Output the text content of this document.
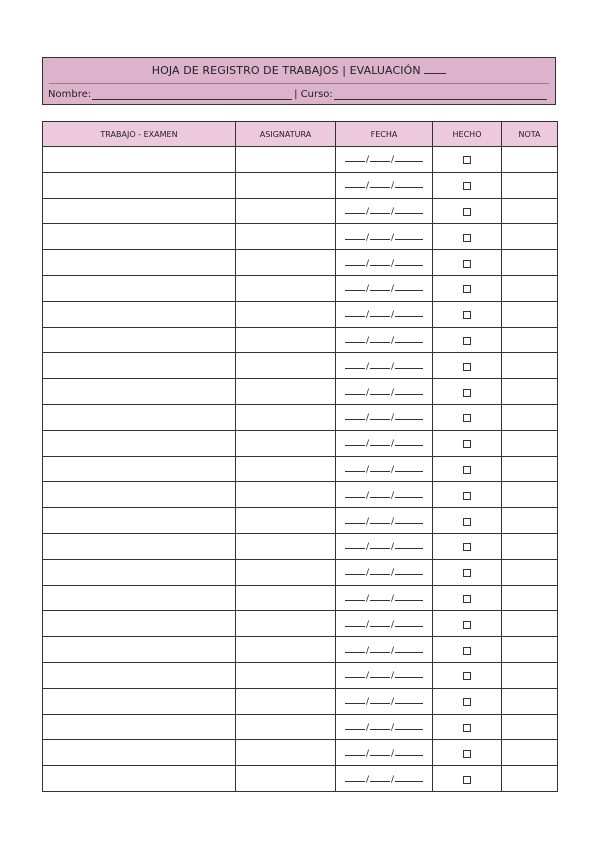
HOJA DE REGISTRO DE TRABAJOS | EVALUACIÓN
Nombre:	| Curso:
TRABAJO - EXAMEN	ASIGNATURA	FECHA	HECHO	NOTA
		/ /		
		/ /		
		/ /		
		/ /		
		/ /		
		/ /		
		/ /		
		/ /		
		/ /		
		/ /		
		/ /		
		/ /		
		/ /		
		/ /		
		/ /		
		/ /		
		/ /		
		/ /		
		/ /		
		/ /		
		/ /		
		/ /		
		/ /		
		/ /		
		/ /		
